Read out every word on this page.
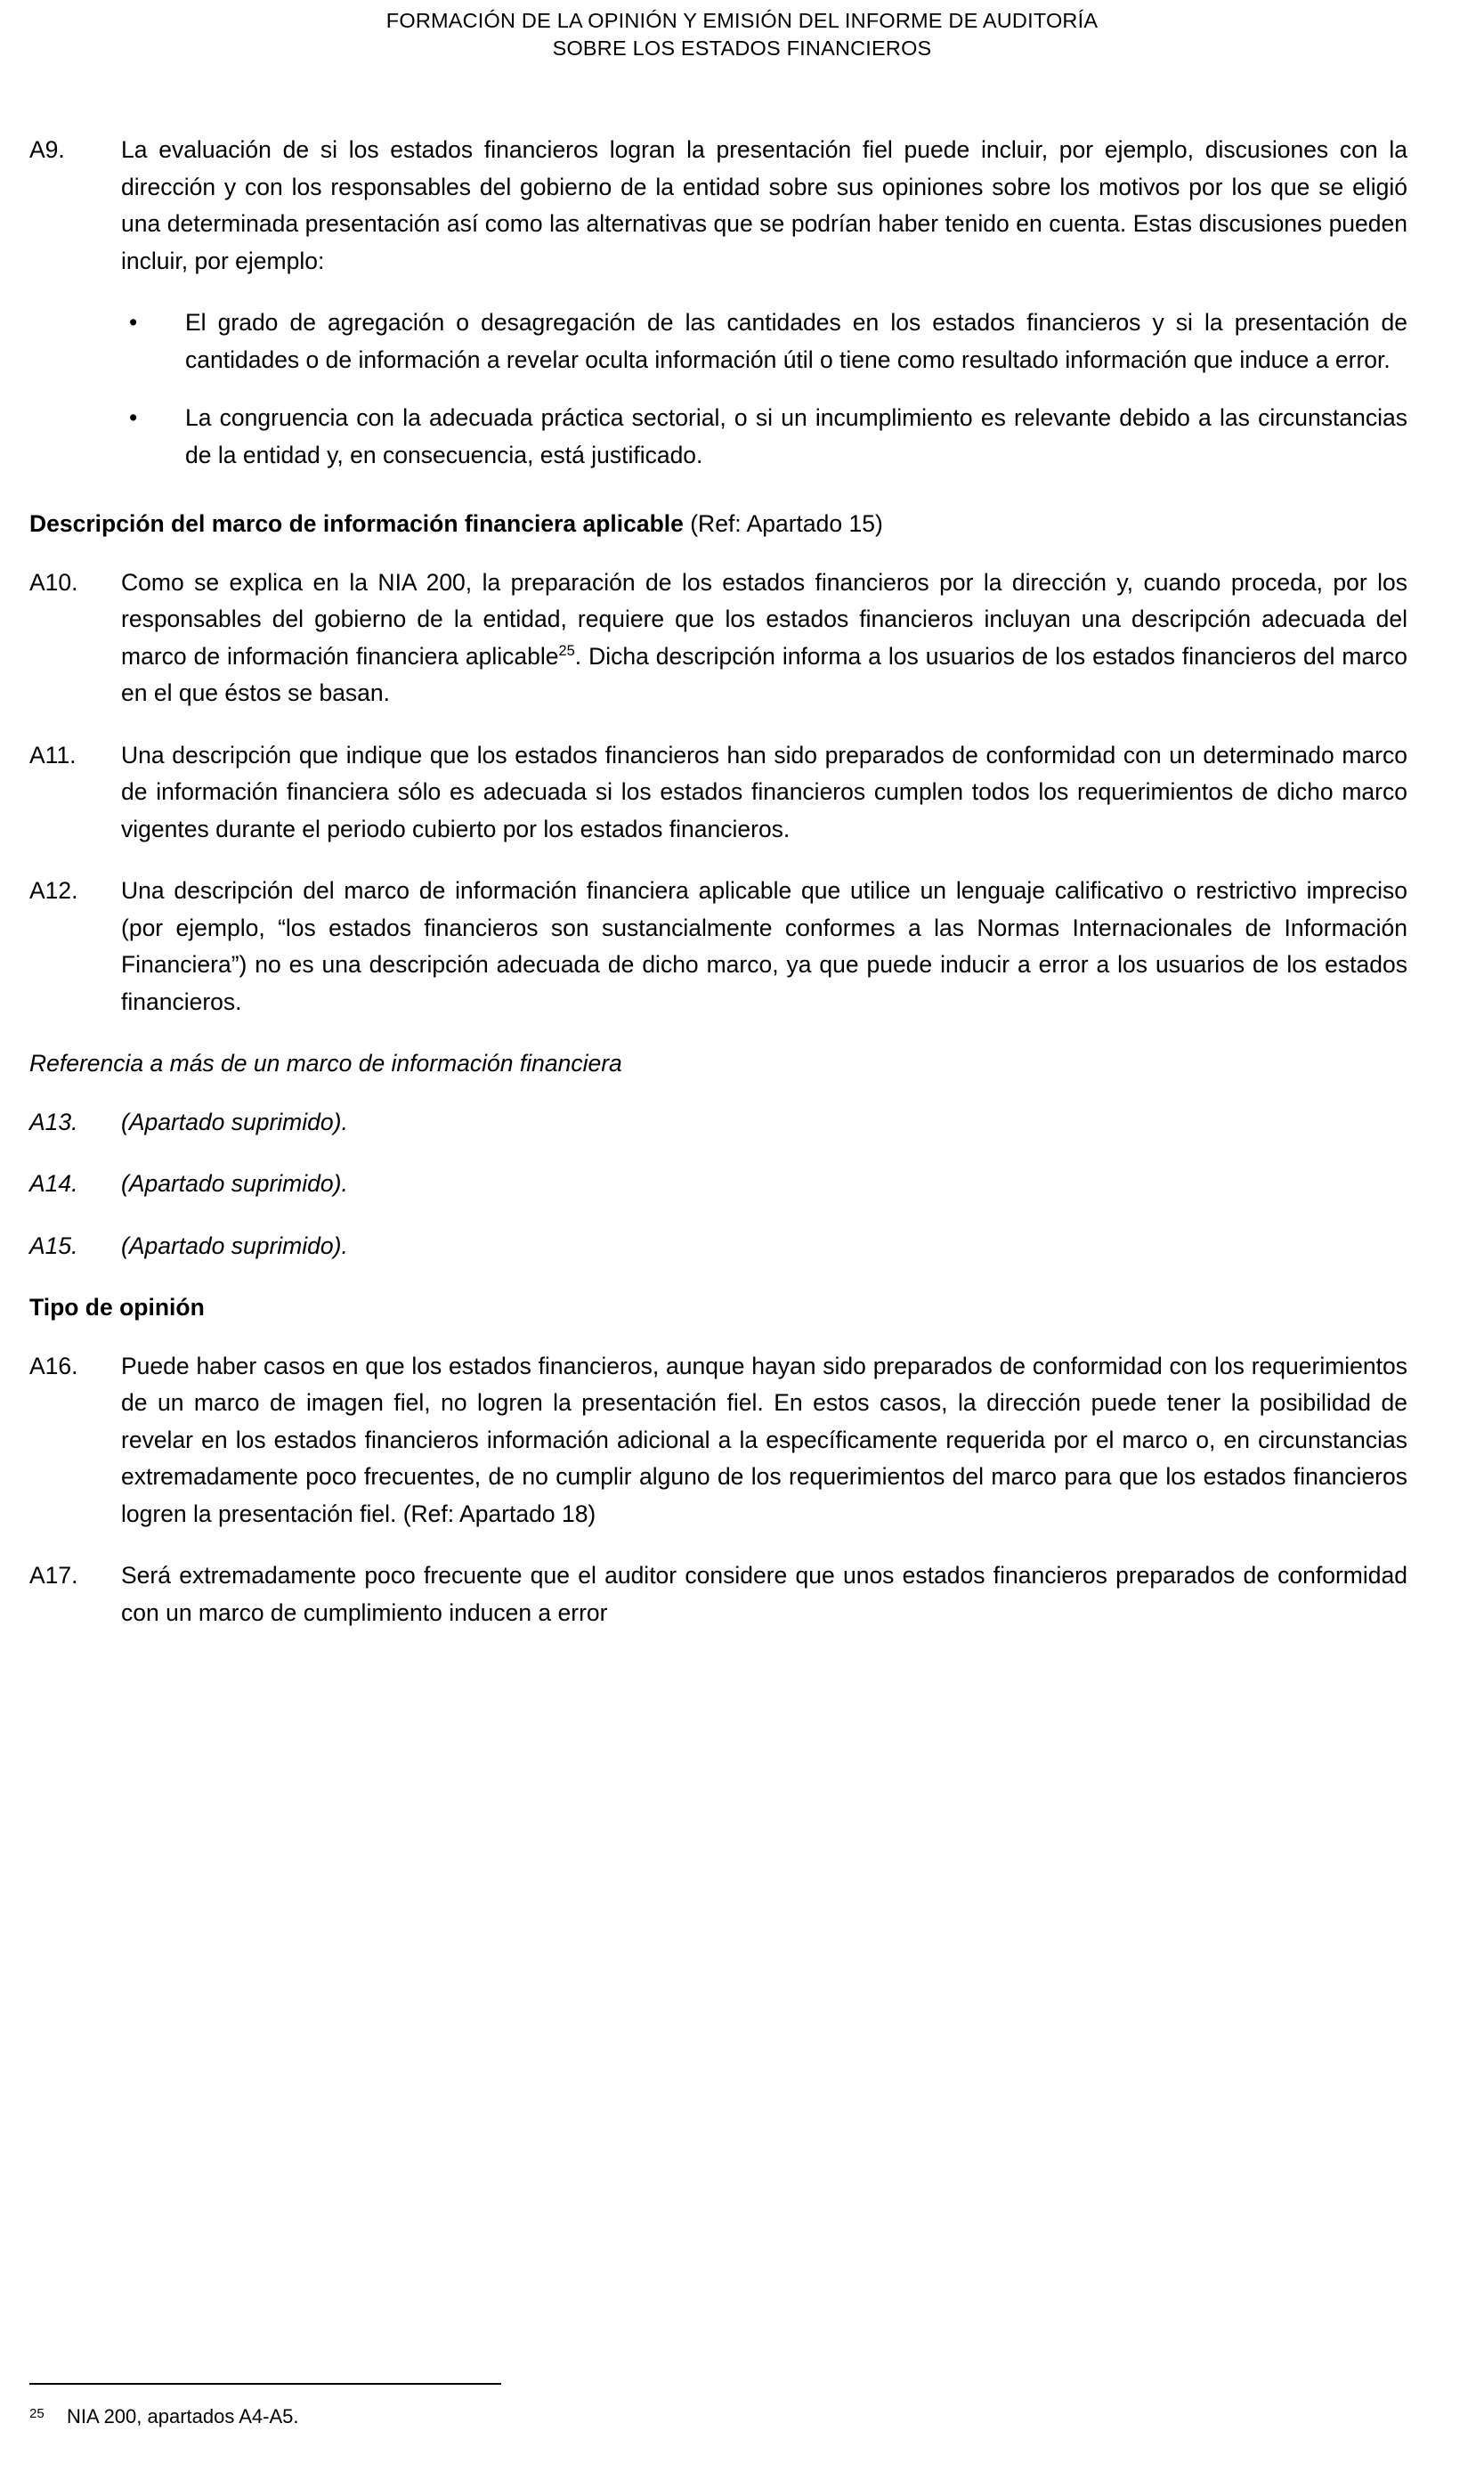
FORMACIÓN DE LA OPINIÓN Y EMISIÓN DEL INFORME DE AUDITORÍA
SOBRE LOS ESTADOS FINANCIEROS
A9.	La evaluación de si los estados financieros logran la presentación fiel puede incluir, por ejemplo, discusiones con la dirección y con los responsables del gobierno de la entidad sobre sus opiniones sobre los motivos por los que se eligió una determinada presentación así como las alternativas que se podrían haber tenido en cuenta. Estas discusiones pueden incluir, por ejemplo:
•	El grado de agregación o desagregación de las cantidades en los estados financieros y si la presentación de cantidades o de información a revelar oculta información útil o tiene como resultado información que induce a error.
•	La congruencia con la adecuada práctica sectorial, o si un incumplimiento es relevante debido a las circunstancias de la entidad y, en consecuencia, está justificado.
Descripción del marco de información financiera aplicable (Ref: Apartado 15)
A10.	Como se explica en la NIA 200, la preparación de los estados financieros por la dirección y, cuando proceda, por los responsables del gobierno de la entidad, requiere que los estados financieros incluyan una descripción adecuada del marco de información financiera aplicable$^{25}$. Dicha descripción informa a los usuarios de los estados financieros del marco en el que éstos se basan.
A11.	Una descripción que indique que los estados financieros han sido preparados de conformidad con un determinado marco de información financiera sólo es adecuada si los estados financieros cumplen todos los requerimientos de dicho marco vigentes durante el periodo cubierto por los estados financieros.
A12.	Una descripción del marco de información financiera aplicable que utilice un lenguaje calificativo o restrictivo impreciso (por ejemplo, “los estados financieros son sustancialmente conformes a las Normas Internacionales de Información Financiera”) no es una descripción adecuada de dicho marco, ya que puede inducir a error a los usuarios de los estados financieros.
Referencia a más de un marco de información financiera
A13.	(Apartado suprimido).
A14.	(Apartado suprimido).
A15.	(Apartado suprimido).
Tipo de opinión
A16.	Puede haber casos en que los estados financieros, aunque hayan sido preparados de conformidad con los requerimientos de un marco de imagen fiel, no logren la presentación fiel. En estos casos, la dirección puede tener la posibilidad de revelar en los estados financieros información adicional a la específicamente requerida por el marco o, en circunstancias extremadamente poco frecuentes, de no cumplir alguno de los requerimientos del marco para que los estados financieros logren la presentación fiel. (Ref: Apartado 18)
A17.	Será extremadamente poco frecuente que el auditor considere que unos estados financieros preparados de conformidad con un marco de cumplimiento inducen a error
25	NIA 200, apartados A4-A5.
